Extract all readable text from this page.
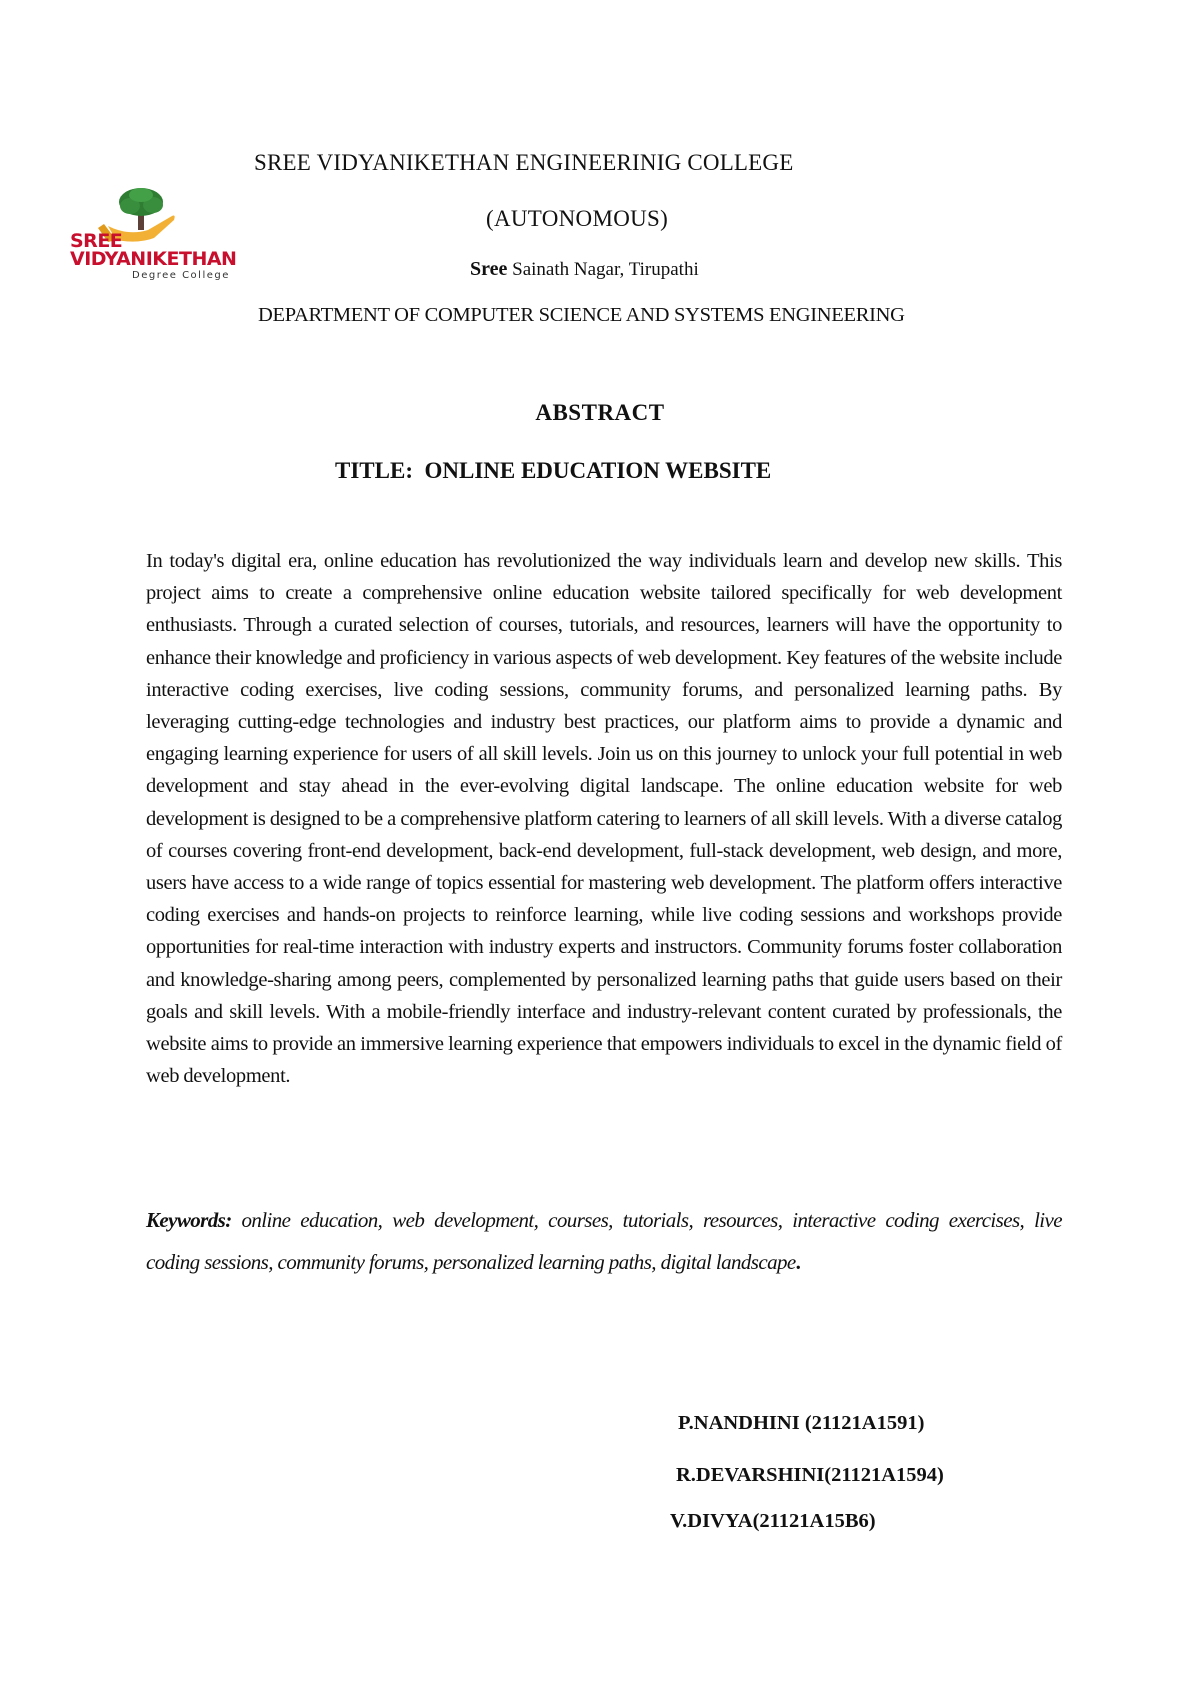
SREE
VIDYANIKETHAN
Degree College
SREE VIDYANIKETHAN ENGINEERINIG COLLEGE
(AUTONOMOUS)
Sree Sainath Nagar, Tirupathi
DEPARTMENT OF COMPUTER SCIENCE AND SYSTEMS ENGINEERING
ABSTRACT
TITLE:  ONLINE EDUCATION WEBSITE

In today's digital era, online education has revolutionized the way individuals learn and develop new skills. This project aims to create a comprehensive online education website tailored specifically for web development enthusiasts. Through a curated selection of courses, tutorials, and resources, learners will have the opportunity to enhance their knowledge and proficiency in various aspects of web development. Key features of the website include interactive coding exercises, live coding sessions, community forums, and personalized learning paths. By leveraging cutting-edge technologies and industry best practices, our platform aims to provide a dynamic and engaging learning experience for users of all skill levels. Join us on this journey to unlock your full potential in web development and stay ahead in the ever-evolving digital landscape. The online education website for web development is designed to be a comprehensive platform catering to learners of all skill levels. With a diverse catalog of courses covering front-end development, back-end development, full-stack development, web design, and more, users have access to a wide range of topics essential for mastering web development. The platform offers interactive coding exercises and hands-on projects to reinforce learning, while live coding sessions and workshops provide opportunities for real-time interaction with industry experts and instructors. Community forums foster collaboration and knowledge-sharing among peers, complemented by personalized learning paths that guide users based on their goals and skill levels. With a mobile-friendly interface and industry-relevant content curated by professionals, the website aims to provide an immersive learning experience that empowers individuals to excel in the dynamic field of web development.

Keywords: online education, web development, courses, tutorials, resources, interactive coding exercises, live coding sessions, community forums, personalized learning paths, digital landscape.

P.NANDHINI (21121A1591)
R.DEVARSHINI(21121A1594)
V.DIVYA(21121A15B6)
